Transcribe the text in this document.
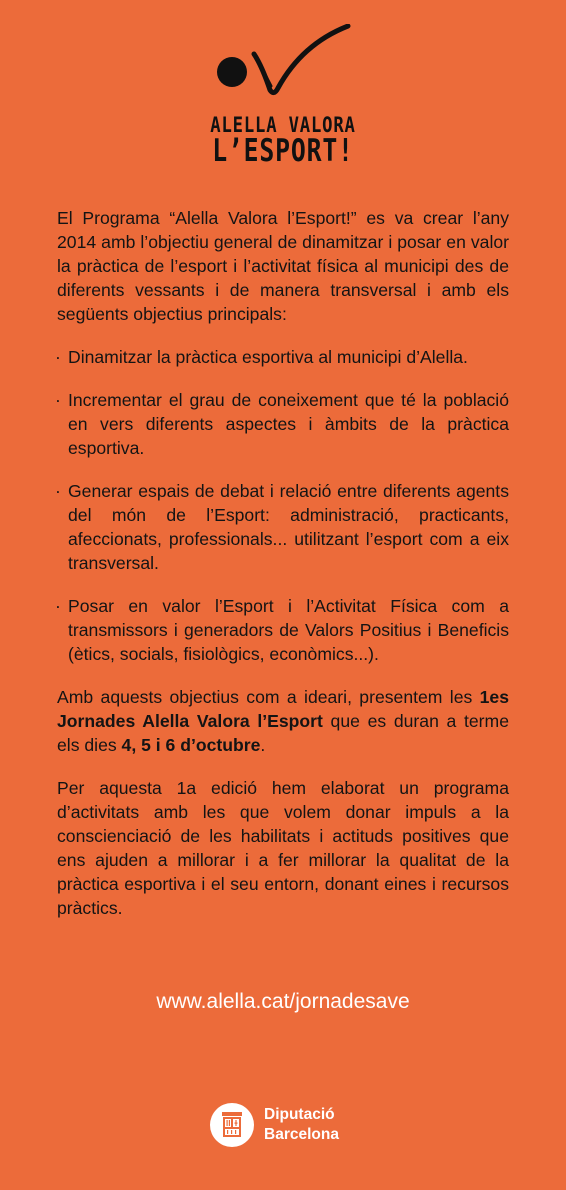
ALELLA VALORA
L’ESPORT!

El Programa “Alella Valora l’Esport!” es va crear l’any 2014 amb l’objectiu general de dinamitzar i posar en valor la pràctica de l’esport i l’activitat física al municipi des de diferents vessants i de manera transversal i amb els següents objectius principals:

· Dinamitzar la pràctica esportiva al municipi d’Alella.

· Incrementar el grau de coneixement que té la població en vers diferents aspectes i àmbits de la pràctica esportiva.

· Generar espais de debat i relació entre diferents agents del món de l’Esport: administració, practicants, afeccionats, professionals... utilitzant l’esport com a eix transversal.

· Posar en valor l’Esport i l’Activitat Física com a transmissors i generadors de Valors Positius i Beneficis (ètics, socials, fisiològics, econòmics...).

Amb aquests objectius com a ideari, presentem les 1es Jornades Alella Valora l’Esport que es duran a terme els dies 4, 5 i 6 d’octubre.

Per aquesta 1a edició hem elaborat un programa d’activitats amb les que volem donar impuls a la conscienciació de les habilitats i actituds positives que ens ajuden a millorar i a fer millorar la qualitat de la pràctica esportiva i el seu entorn, donant eines i recursos pràctics.

www.alella.cat/jornadesave
Diputació
Barcelona
